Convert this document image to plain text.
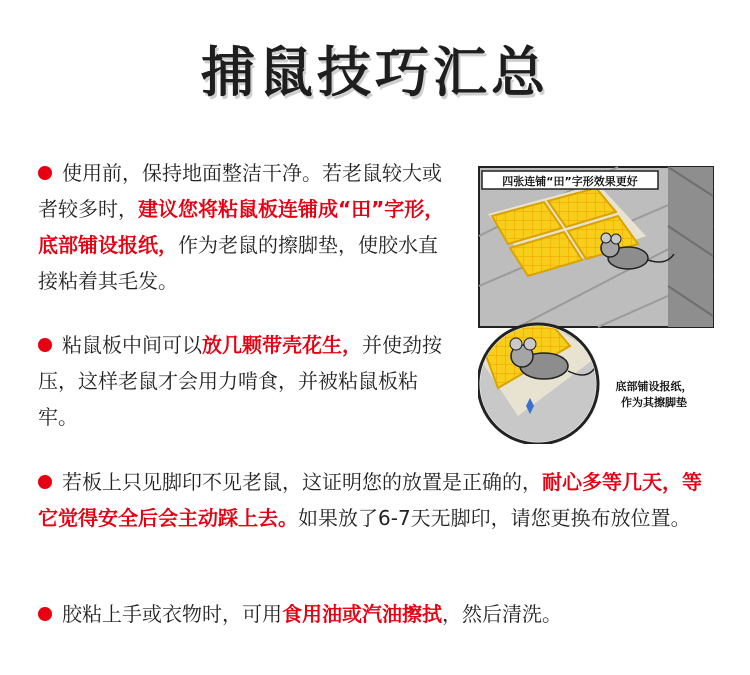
捕鼠技巧汇总
使用前，保持地面整洁干净。若老鼠较大或者较多时，建议您将粘鼠板连铺成“田”字形，底部铺设报纸，作为老鼠的擦脚垫，使胶水直接粘着其毛发。
粘鼠板中间可以放几颗带壳花生，并使劲按压，这样老鼠才会用力啃食，并被粘鼠板粘牢。
若板上只见脚印不见老鼠，这证明您的放置是正确的，耐心多等几天，等它觉得安全后会主动踩上去。如果放了6-7天无脚印，请您更换布放位置。
胶粘上手或衣物时，可用食用油或汽油擦拭，然后清洗。
四张连铺“田”字形效果更好
底部铺设报纸，
作为其擦脚垫
